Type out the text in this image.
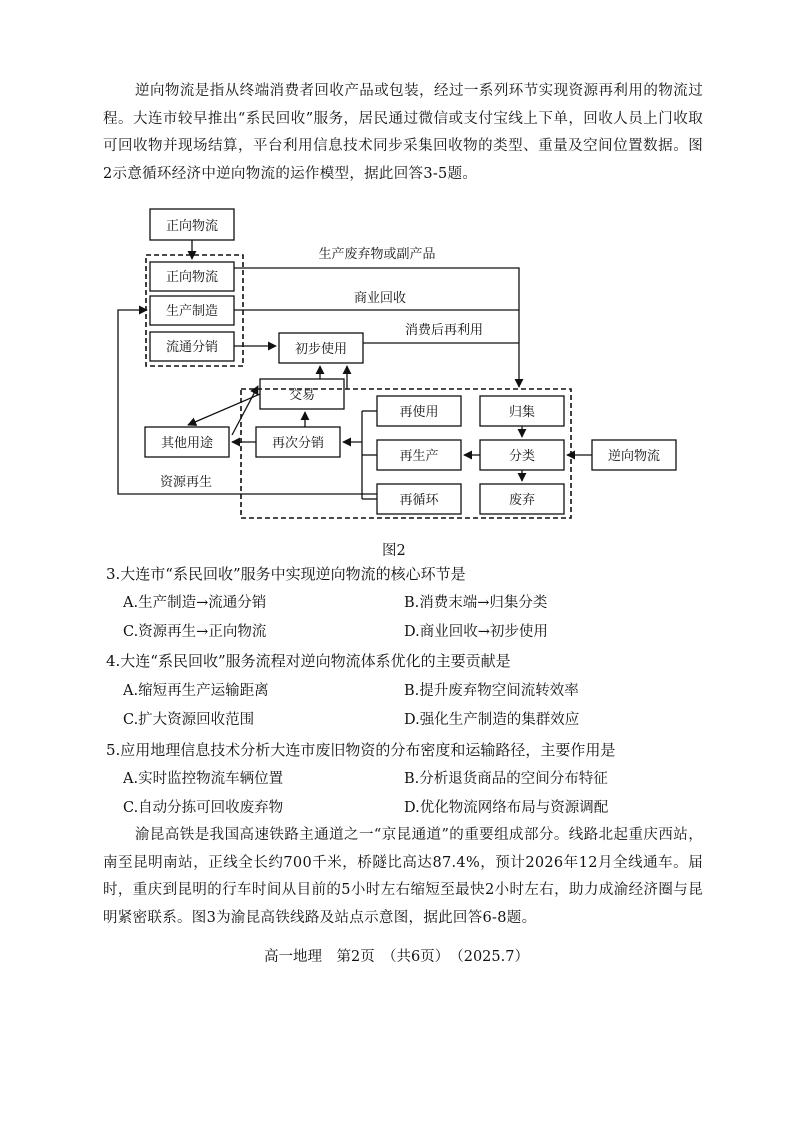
逆向物流是指从终端消费者回收产品或包装，经过一系列环节实现资源再利用的物流过程。大连市较早推出“系民回收”服务，居民通过微信或支付宝线上下单，回收人员上门收取可回收物并现场结算，平台利用信息技术同步采集回收物的类型、重量及空间位置数据。图2示意循环经济中逆向物流的运作模型，据此回答3-5题。
正向物流
正向物流
生产制造
流通分销	初步使用
交易
其他用途	再次分销
再使用
再生产
再循环
归集
分类
废弃
逆向物流
生产废弃物或副产品
商业回收
消费后再利用
资源再生
图2
3.大连市“系民回收”服务中实现逆向物流的核心环节是
A.生产制造→流通分销	B.消费末端→归集分类
C.资源再生→正向物流	D.商业回收→初步使用
4.大连“系民回收”服务流程对逆向物流体系优化的主要贡献是
A.缩短再生产运输距离	B.提升废弃物空间流转效率
C.扩大资源回收范围	D.强化生产制造的集群效应
5.应用地理信息技术分析大连市废旧物资的分布密度和运输路径，主要作用是
A.实时监控物流车辆位置	B.分析退货商品的空间分布特征
C.自动分拣可回收废弃物	D.优化物流网络布局与资源调配
渝昆高铁是我国高速铁路主通道之一“京昆通道”的重要组成部分。线路北起重庆西站，南至昆明南站，正线全长约700千米，桥隧比高达87.4%，预计2026年12月全线通车。届时，重庆到昆明的行车时间从目前的5小时左右缩短至最快2小时左右，助力成渝经济圈与昆明紧密联系。图3为渝昆高铁线路及站点示意图，据此回答6-8题。
高一地理　第2页　（共6页）　（2025.7）
